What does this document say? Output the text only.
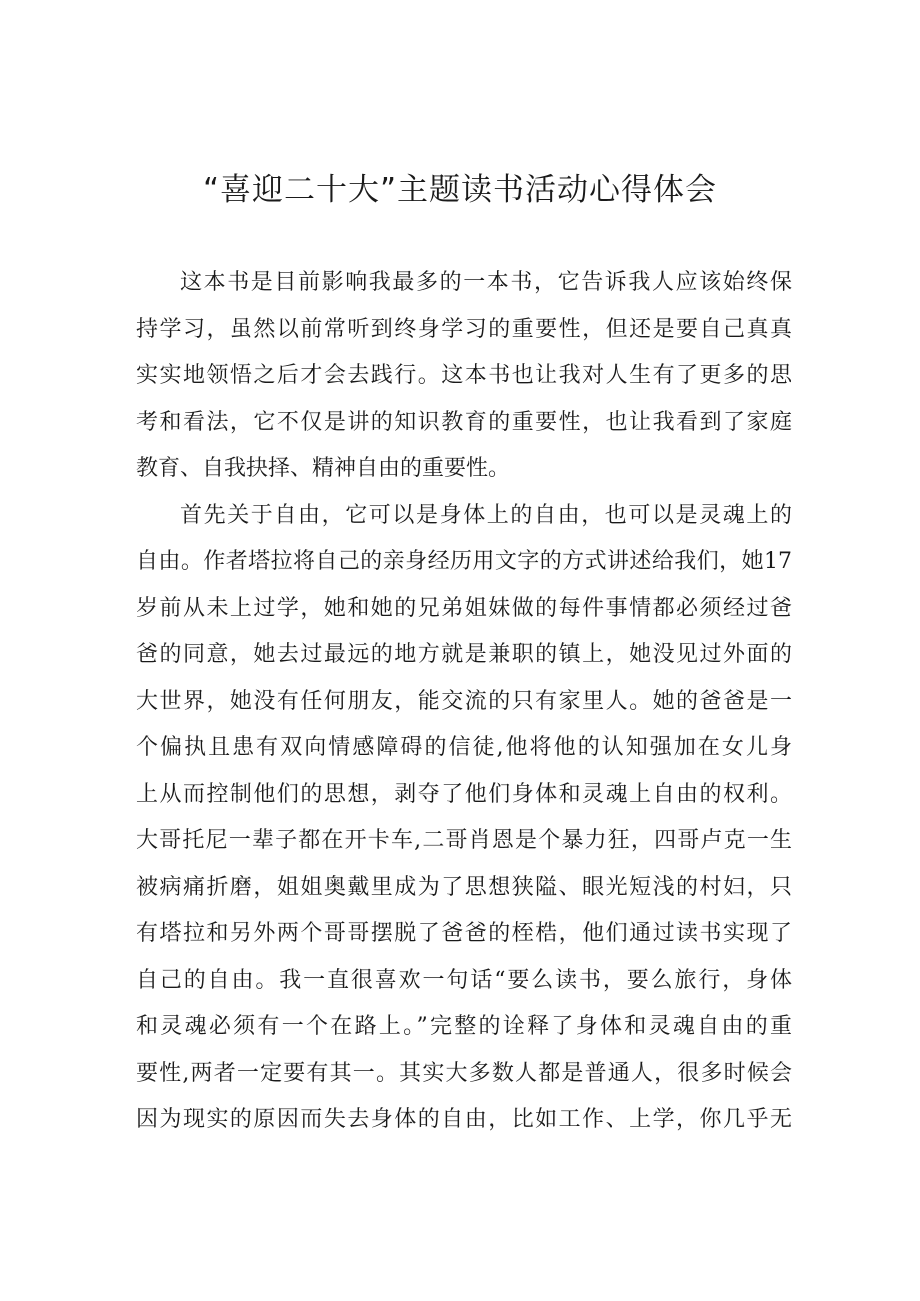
“喜迎二十大”主题读书活动心得体会
这本书是目前影响我最多的一本书，它告诉我人应该始终保
持学习，虽然以前常听到终身学习的重要性，但还是要自己真真
实实地领悟之后才会去践行。这本书也让我对人生有了更多的思
考和看法，它不仅是讲的知识教育的重要性，也让我看到了家庭
教育、自我抉择、精神自由的重要性。
首先关于自由，它可以是身体上的自由，也可以是灵魂上的
自由。作者塔拉将自己的亲身经历用文字的方式讲述给我们，她17
岁前从未上过学，她和她的兄弟姐妹做的每件事情都必须经过爸
爸的同意，她去过最远的地方就是兼职的镇上，她没见过外面的
大世界，她没有任何朋友，能交流的只有家里人。她的爸爸是一
个偏执且患有双向情感障碍的信徒,他将他的认知强加在女儿身
上从而控制他们的思想，剥夺了他们身体和灵魂上自由的权利。
大哥托尼一辈子都在开卡车,二哥肖恩是个暴力狂，四哥卢克一生
被病痛折磨，姐姐奥戴里成为了思想狭隘、眼光短浅的村妇，只
有塔拉和另外两个哥哥摆脱了爸爸的桎梏，他们通过读书实现了
自己的自由。我一直很喜欢一句话“要么读书，要么旅行，身体
和灵魂必须有一个在路上。”完整的诠释了身体和灵魂自由的重
要性,两者一定要有其一。其实大多数人都是普通人，很多时候会
因为现实的原因而失去身体的自由，比如工作、上学，你几乎无
